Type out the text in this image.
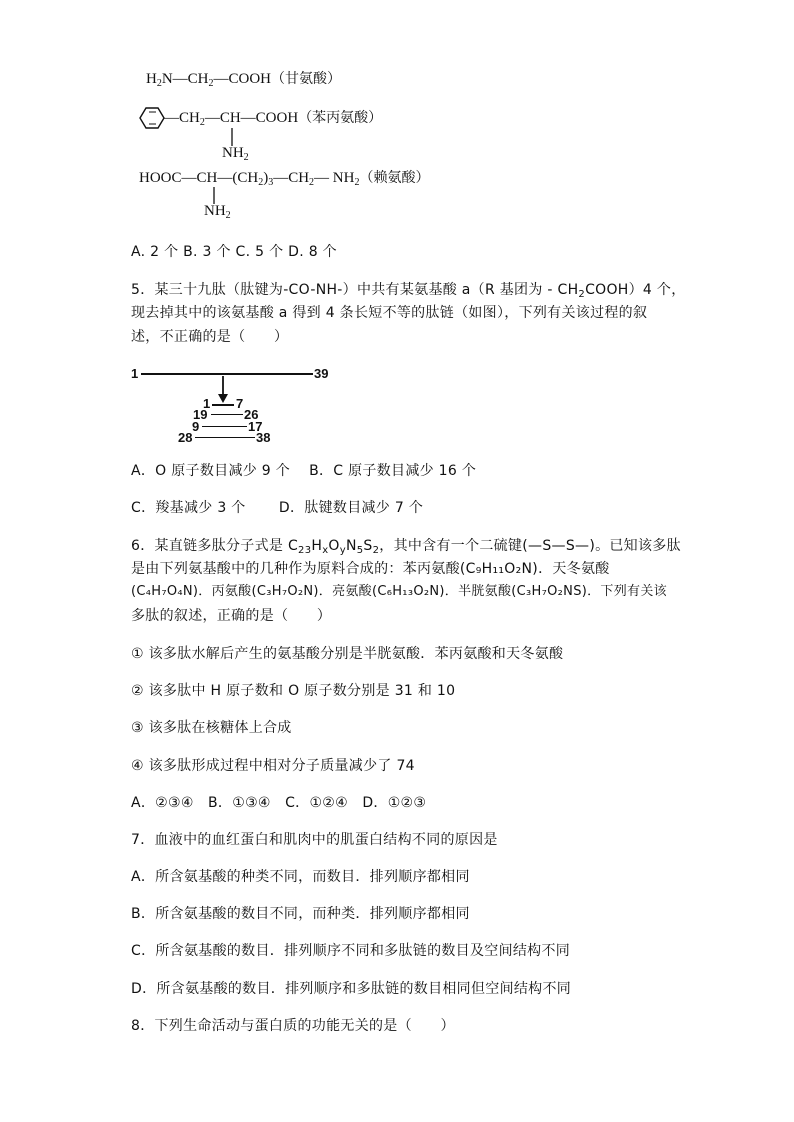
$H_2N—CH_2—COOH$（甘氨酸）
$—CH_2—CH—COOH$（苯丙氨酸）
$NH_2$
$HOOC—CH—(CH_2)_3—CH_2—$ $NH_2$（赖氨酸）
$NH_2$
A. 2 个 B. 3 个 C. 5 个 D. 8 个
5．某三十九肽（肽键为-CO-NH-）中共有某氨基酸 a（R 基团为 - $CH_2COOH)4$ 个，
现去掉其中的该氨基酸 a 得到 4 条长短不等的肽链（如图），下列有关该过程的叙
述，不正确的是（　　）
1	39
1 7
19	26
9	17
28	38
A．O 原子数目减少 9 个　 B．C 原子数目减少 16 个
C．羧基减少 3 个　　 D．肽键数目减少 7 个
6．某直链多肽分子式是 $C_{23}H_xO_yN_5S_2$，其中含有一个二硫键(—S—S—)。已知该多肽
是由下列氨基酸中的几种作为原料合成的：苯丙氨酸(C₉H₁₁O₂N)．天冬氨酸
(C₄H₇O₄N)．丙氨酸(C₃H₇O₂N)．亮氨酸(C₆H₁₃O₂N)．半胱氨酸(C₃H₇O₂NS)．下列有关该
多肽的叙述，正确的是（　　）
① 该多肽水解后产生的氨基酸分别是半胱氨酸．苯丙氨酸和天冬氨酸
② 该多肽中 H 原子数和 O 原子数分别是 31 和 10
③ 该多肽在核糖体上合成
④ 该多肽形成过程中相对分子质量减少了 74
A．②③④　B．①③④　C．①②④　D．①②③
7．血液中的血红蛋白和肌肉中的肌蛋白结构不同的原因是
A．所含氨基酸的种类不同，而数目．排列顺序都相同
B．所含氨基酸的数目不同，而种类．排列顺序都相同
C．所含氨基酸的数目．排列顺序不同和多肽链的数目及空间结构不同
D．所含氨基酸的数目．排列顺序和多肽链的数目相同但空间结构不同
8．下列生命活动与蛋白质的功能无关的是（　　）
